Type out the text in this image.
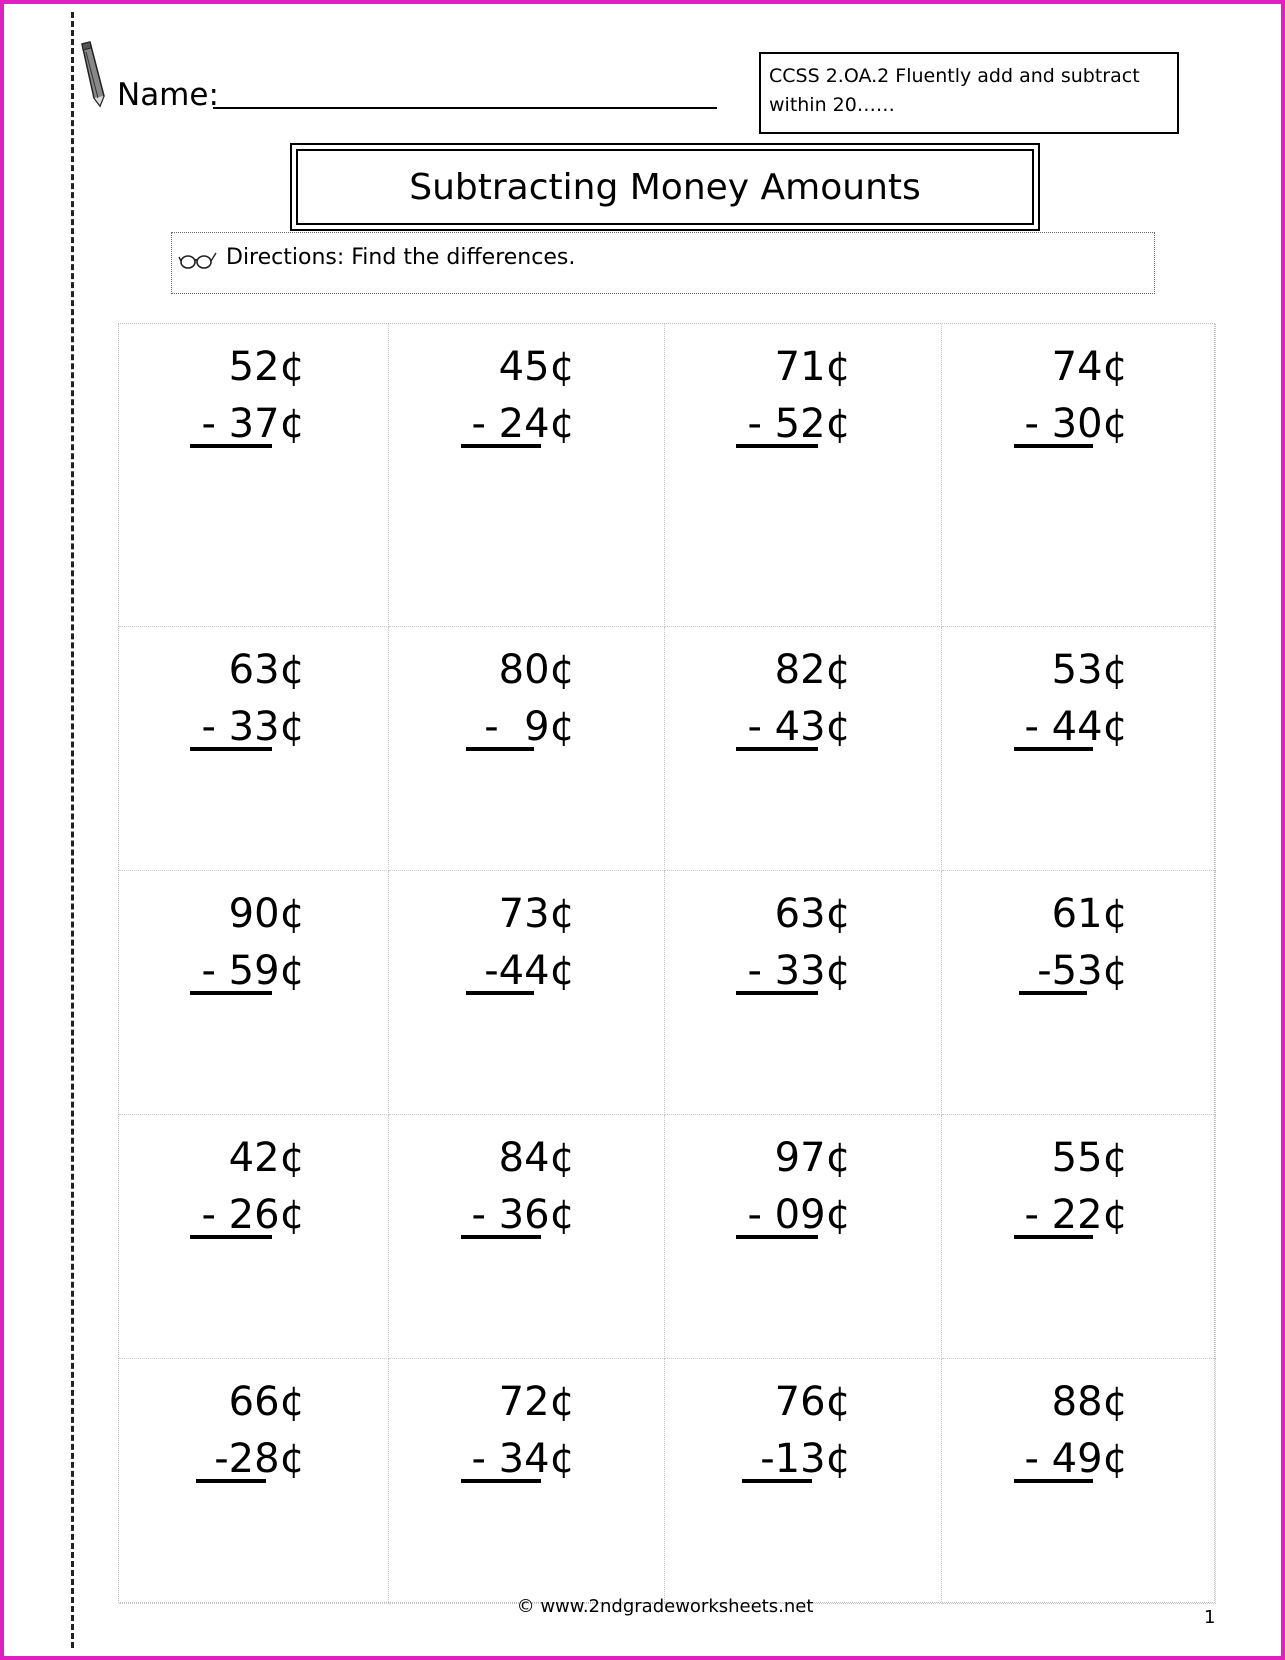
Name:
CCSS 2.OA.2 Fluently add and subtract within 20……
Subtracting Money Amounts
Directions: Find the differences.
52¢
- 37¢
45¢
- 24¢
71¢
- 52¢
74¢
- 30¢
63¢
- 33¢
80¢
-  9¢
82¢
- 43¢
53¢
- 44¢
90¢
- 59¢
73¢
-44¢
63¢
- 33¢
61¢
-53¢
42¢
- 26¢
84¢
- 36¢
97¢
- 09¢
55¢
- 22¢
66¢
-28¢
72¢
- 34¢
76¢
-13¢
88¢
- 49¢
© www.2ndgradeworksheets.net
1
